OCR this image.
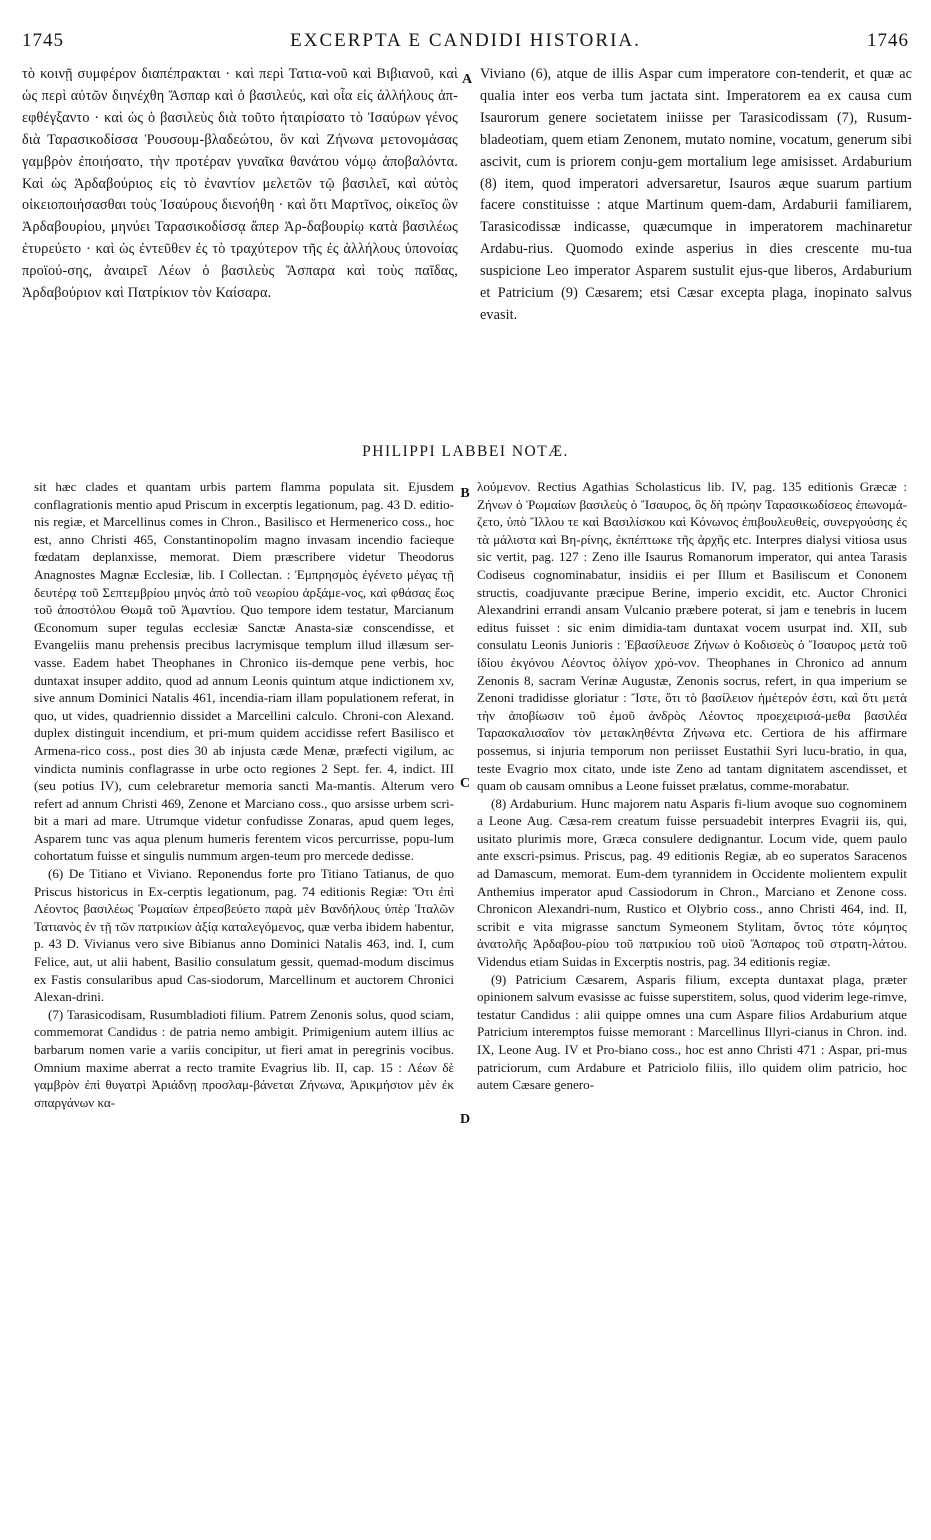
1745	EXCERPTA E CANDIDI HISTORIA.	1746

τὸ κοινῇ συμφέρον διαπέπρακται · καὶ περὶ Τατια-νοῦ καὶ Βιβιανοῦ, καὶ ὡς περὶ αὐτῶν διηνέχθη Ἄσπαρ καὶ ὁ βασιλεύς, καὶ οἷα εἰς ἀλλήλους ἀπ-εφθέγξαντο · καὶ ὡς ὁ βασιλεὺς διὰ τοῦτο ἠταιρίσατο τὸ Ἰσαύρων γένος διὰ Ταρασικοδίσσα Ῥουσουμ-βλαδεώτου, ὃν καὶ Ζήνωνα μετονομάσας γαμβρὸν ἐποιήσατο, τὴν προτέραν γυναῖκα θανάτου νόμῳ ἀποβαλόντα. Καὶ ὡς Ἀρδαβούριος εἰς τὸ ἐναντίον μελετῶν τῷ βασιλεῖ, καὶ αὐτὸς οἰκειοποιήσασθαι τοὺς Ἰσαύρους διενοήθη · καὶ ὅτι Μαρτῖνος, οἰκεῖος ὢν Ἀρδαβουρίου, μηνύει Ταρασικοδίσσᾳ ἅπερ Ἀρ-δαβουρίῳ κατὰ βασιλέως ἐτυρεύετο · καὶ ὡς ἐντεῦθεν ἐς τὸ τραχύτερον τῆς ἐς ἀλλήλους ὑπονοίας προϊού-σης, ἀναιρεῖ Λέων ὁ βασιλεὺς Ἄσπαρα καὶ τοὺς παῖδας, Ἀρδαβούριον καὶ Πατρίκιον τὸν Καίσαρα.

Viviano (6), atque de illis Aspar cum imperatore con-tenderit, et quæ ac qualia inter eos verba tum jactata sint. Imperatorem ea ex causa cum Isaurorum genere societatem iniisse per Tarasicodissam (7), Rusum-bladeotiam, quem etiam Zenonem, mutato nomine, vocatum, generum sibi ascivit, cum is priorem conju-gem mortalium lege amisisset. Ardaburium (8) item, quod imperatori adversaretur, Isauros æque suarum partium facere constituisse : atque Martinum quem-dam, Ardaburii familiarem, Tarasicodissæ indicasse, quæcumque in imperatorem machinaretur Ardabu-rius. Quomodo exinde asperius in dies crescente mu-tua suspicione Leo imperator Asparem sustulit ejus-que liberos, Ardaburium et Patricium (9) Cæsarem; etsi Cæsar excepta plaga, inopinato salvus evasit.

A
PHILIPPI LABBEI NOTÆ.

sit hæc clades et quantam urbis partem flamma populata sit. Ejusdem conflagrationis mentio apud Priscum in excerptis legationum, pag. 43 D. editio-nis regiæ, et Marcellinus comes in Chron., Basilisco et Hermenerico coss., hoc est, anno Christi 465, Constantinopolim magno invasam incendio facieque fœdatam deplanxisse, memorat. Diem præscribere videtur Theodorus Anagnostes Magnæ Ecclesiæ, lib. I Collectan. : Ἐμπρησμὸς ἐγένετο μέγας τῇ δευτέρᾳ τοῦ Σεπτεμβρίου μηνὸς ἀπὸ τοῦ νεωρίου ἀρξάμε-νος, καὶ φθάσας ἕως τοῦ ἀποστόλου Θωμᾶ τοῦ Ἀμαντίου. Quo tempore idem testatur, Marcianum Œconomum super tegulas ecclesiæ Sanctæ Anasta-siæ conscendisse, et Evangeliis manu prehensis precibus lacrymisque templum illud illæsum ser-vasse. Eadem habet Theophanes in Chronico iis-demque pene verbis, hoc duntaxat insuper addito, quod ad annum Leonis quintum atque indictionem xv, sive annum Dominici Natalis 461, incendia-riam illam populationem referat, in quo, ut vides, quadriennio dissidet a Marcellini calculo. Chroni-con Alexand. duplex distinguit incendium, et pri-mum quidem accidisse refert Basilisco et Armena-rico coss., post dies 30 ab injusta cæde Menæ, præfecti vigilum, ac vindicta numinis conflagrasse in urbe octo regiones 2 Sept. fer. 4, indict. III (seu potius IV), cum celebraretur memoria sancti Ma-mantis. Alterum vero refert ad annum Christi 469, Zenone et Marciano coss., quo arsisse urbem scri-bit a mari ad mare. Utrumque videtur confudisse Zonaras, apud quem leges, Asparem tunc vas aqua plenum humeris ferentem vicos percurrisse, popu-lum cohortatum fuisse et singulis nummum argen-teum pro mercede dedisse.

(6) De Titiano et Viviano. Reponendus forte pro Titiano Tatianus, de quo Priscus historicus in Ex-cerptis legationum, pag. 74 editionis Regiæ: Ὅτι ἐπὶ Λέοντος βασιλέως Ῥωμαίων ἐπρεσβεύετο παρὰ μὲν Βανδήλους ὑπὲρ Ἰταλῶν Τατιανὸς ἐν τῇ τῶν πατρικίων ἀξίᾳ καταλεγόμενος, quæ verba ibidem habentur, p. 43 D. Vivianus vero sive Bibianus anno Dominici Natalis 463, ind. I, cum Felice, aut, ut alii habent, Basilio consulatum gessit, quemad-modum discimus ex Fastis consularibus apud Cas-siodorum, Marcellinum et auctorem Chronici Alexan-drini.

(7) Tarasicodisam, Rusumbladioti filium. Patrem Zenonis solus, quod sciam, commemorat Candidus : de patria nemo ambigit. Primigenium autem illius ac barbarum nomen varie a variis concipitur, ut fieri amat in peregrinis vocibus. Omnium maxime aberrat a recto tramite Evagrius lib. II, cap. 15 : Λέων δὲ γαμβρὸν ἐπὶ θυγατρὶ Ἀριάδνῃ προσλαμ-βάνεται Ζήνωνα, Ἀρικμήσιον μὲν ἐκ σπαργάνων κα-

B
C
D

λούμενον. Rectius Agathias Scholasticus lib. IV, pag. 135 editionis Græcæ : Ζήνων ὁ Ῥωμαίων βασιλεὺς ὁ Ἴσαυρος, ὃς δὴ πρώην Ταρασικωδίσεος ἐπωνομά-ζετο, ὑπὸ Ἴλλου τε καὶ Βασιλίσκου καὶ Κόνωνος ἐπιβουλευθείς, συνεργούσης ἐς τὰ μάλιστα καὶ Βη-ρίνης, ἐκπέπτωκε τῆς ἀρχῆς etc. Interpres dialysi vitiosa usus sic vertit, pag. 127 : Zeno ille Isaurus Romanorum imperator, qui antea Tarasis Codiseus cognominabatur, insidiis ei per Illum et Basiliscum et Cononem structis, coadjuvante præcipue Berine, imperio excidit, etc. Auctor Chronici Alexandrini errandi ansam Vulcanio præbere poterat, si jam e tenebris in lucem editus fuisset : sic enim dimidia-tam duntaxat vocem usurpat ind. XII, sub consulatu Leonis Junioris : Ἐβασίλευσε Ζήνων ὁ Κοδισεὺς ὁ Ἴσαυρος μετὰ τοῦ ἰδίου ἐκγόνου Λέοντος ὀλίγον χρό-νον. Theophanes in Chronico ad annum Zenonis 8, sacram Verinæ Augustæ, Zenonis socrus, refert, in qua imperium se Zenoni tradidisse gloriatur : Ἴστε, ὅτι τὸ βασίλειον ἡμέτερόν ἐστι, καὶ ὅτι μετὰ τὴν ἀποβίωσιν τοῦ ἐμοῦ ἀνδρὸς Λέοντος προεχειρισά-μεθα βασιλέα Ταρασκαλισαῖον τὸν μετακληθέντα Ζήνωνα etc. Certiora de his affirmare possemus, si injuria temporum non periisset Eustathii Syri lucu-bratio, in qua, teste Evagrio mox citato, unde iste Zeno ad tantam dignitatem ascendisset, et quam ob causam omnibus a Leone fuisset prælatus, comme-morabatur.

(8) Ardaburium. Hunc majorem natu Asparis fi-lium avoque suo cognominem a Leone Aug. Cæsa-rem creatum fuisse persuadebit interpres Evagrii iis, qui, usitato plurimis more, Græca consulere dedignantur. Locum vide, quem paulo ante exscri-psimus. Priscus, pag. 49 editionis Regiæ, ab eo superatos Saracenos ad Damascum, memorat. Eum-dem tyrannidem in Occidente molientem expulit Anthemius imperator apud Cassiodorum in Chron., Marciano et Zenone coss. Chronicon Alexandri-num, Rustico et Olybrio coss., anno Christi 464, ind. II, scribit e vita migrasse sanctum Symeonem Stylitam, ὄντος τότε κόμητος ἀνατολῆς Ἀρδαβου-ρίου τοῦ πατρικίου τοῦ υἱοῦ Ἄσπαρος τοῦ στρατη-λάτου. Videndus etiam Suidas in Excerptis nostris, pag. 34 editionis regiæ.

(9) Patricium Cæsarem, Asparis filium, excepta duntaxat plaga, præter opinionem salvum evasisse ac fuisse superstitem, solus, quod viderim lege-rimve, testatur Candidus : alii quippe omnes una cum Aspare filios Ardaburium atque Patricium interemptos fuisse memorant : Marcellinus Illyri-cianus in Chron. ind. IX, Leone Aug. IV et Pro-biano coss., hoc est anno Christi 471 : Aspar, pri-mus patriciorum, cum Ardabure et Patriciolo filiis, illo quidem olim patricio, hoc autem Cæsare genero-
